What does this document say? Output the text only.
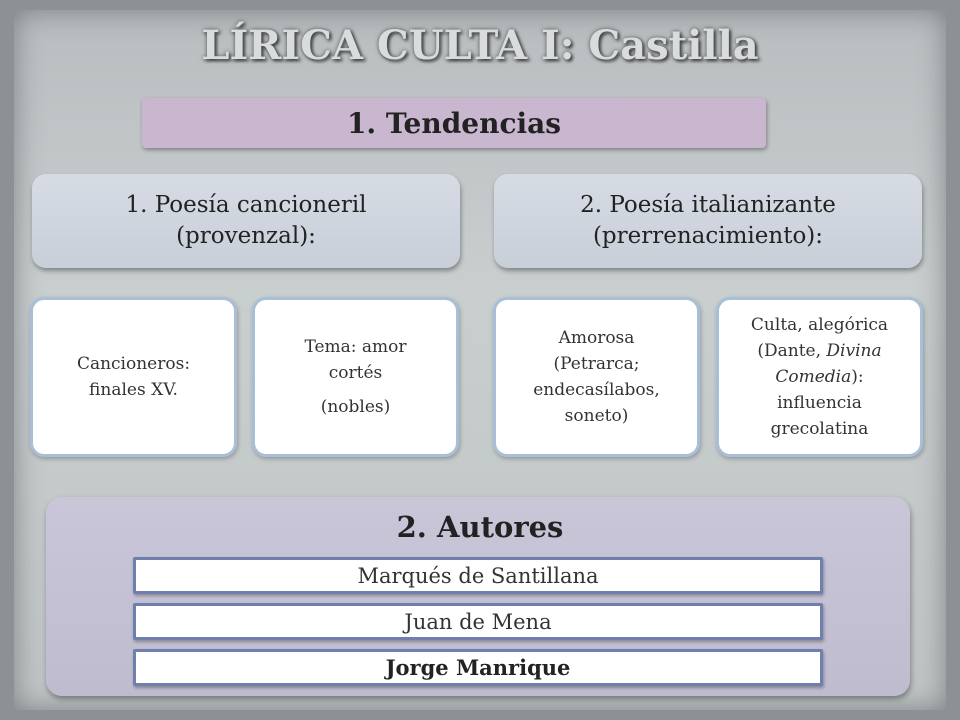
LÍRICA CULTA I: Castilla
1. Tendencias
1. Poesía cancioneril
(provenzal):
2. Poesía italianizante
(prerrenacimiento):

Cancioneros:
finales XV.

Tema: amor
cortés

(nobles)

Amorosa
(Petrarca;
endecasílabos,
soneto)

Culta, alegórica
(Dante, Divina
Comedia):
influencia
grecolatina

2. Autores
Marqués de Santillana
Juan de Mena
Jorge Manrique
